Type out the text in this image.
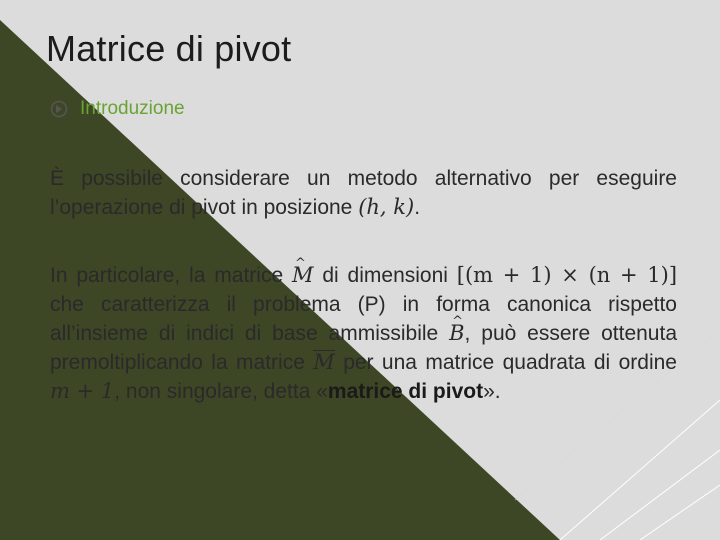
Matrice di pivot
Introduzione

È possibile considerare un metodo alternativo per eseguire l’operazione di pivot in posizione (h, k).

In particolare, la matrice ^ M di dimensioni [(m + 1) × (n + 1)] che caratterizza il problema (P) in forma canonica rispetto all’insieme di indici di base ammissibile ^ B, può essere ottenuta premoltiplicando la matrice M per una matrice quadrata di ordine m + 1, non singolare, detta «matrice di pivot».
